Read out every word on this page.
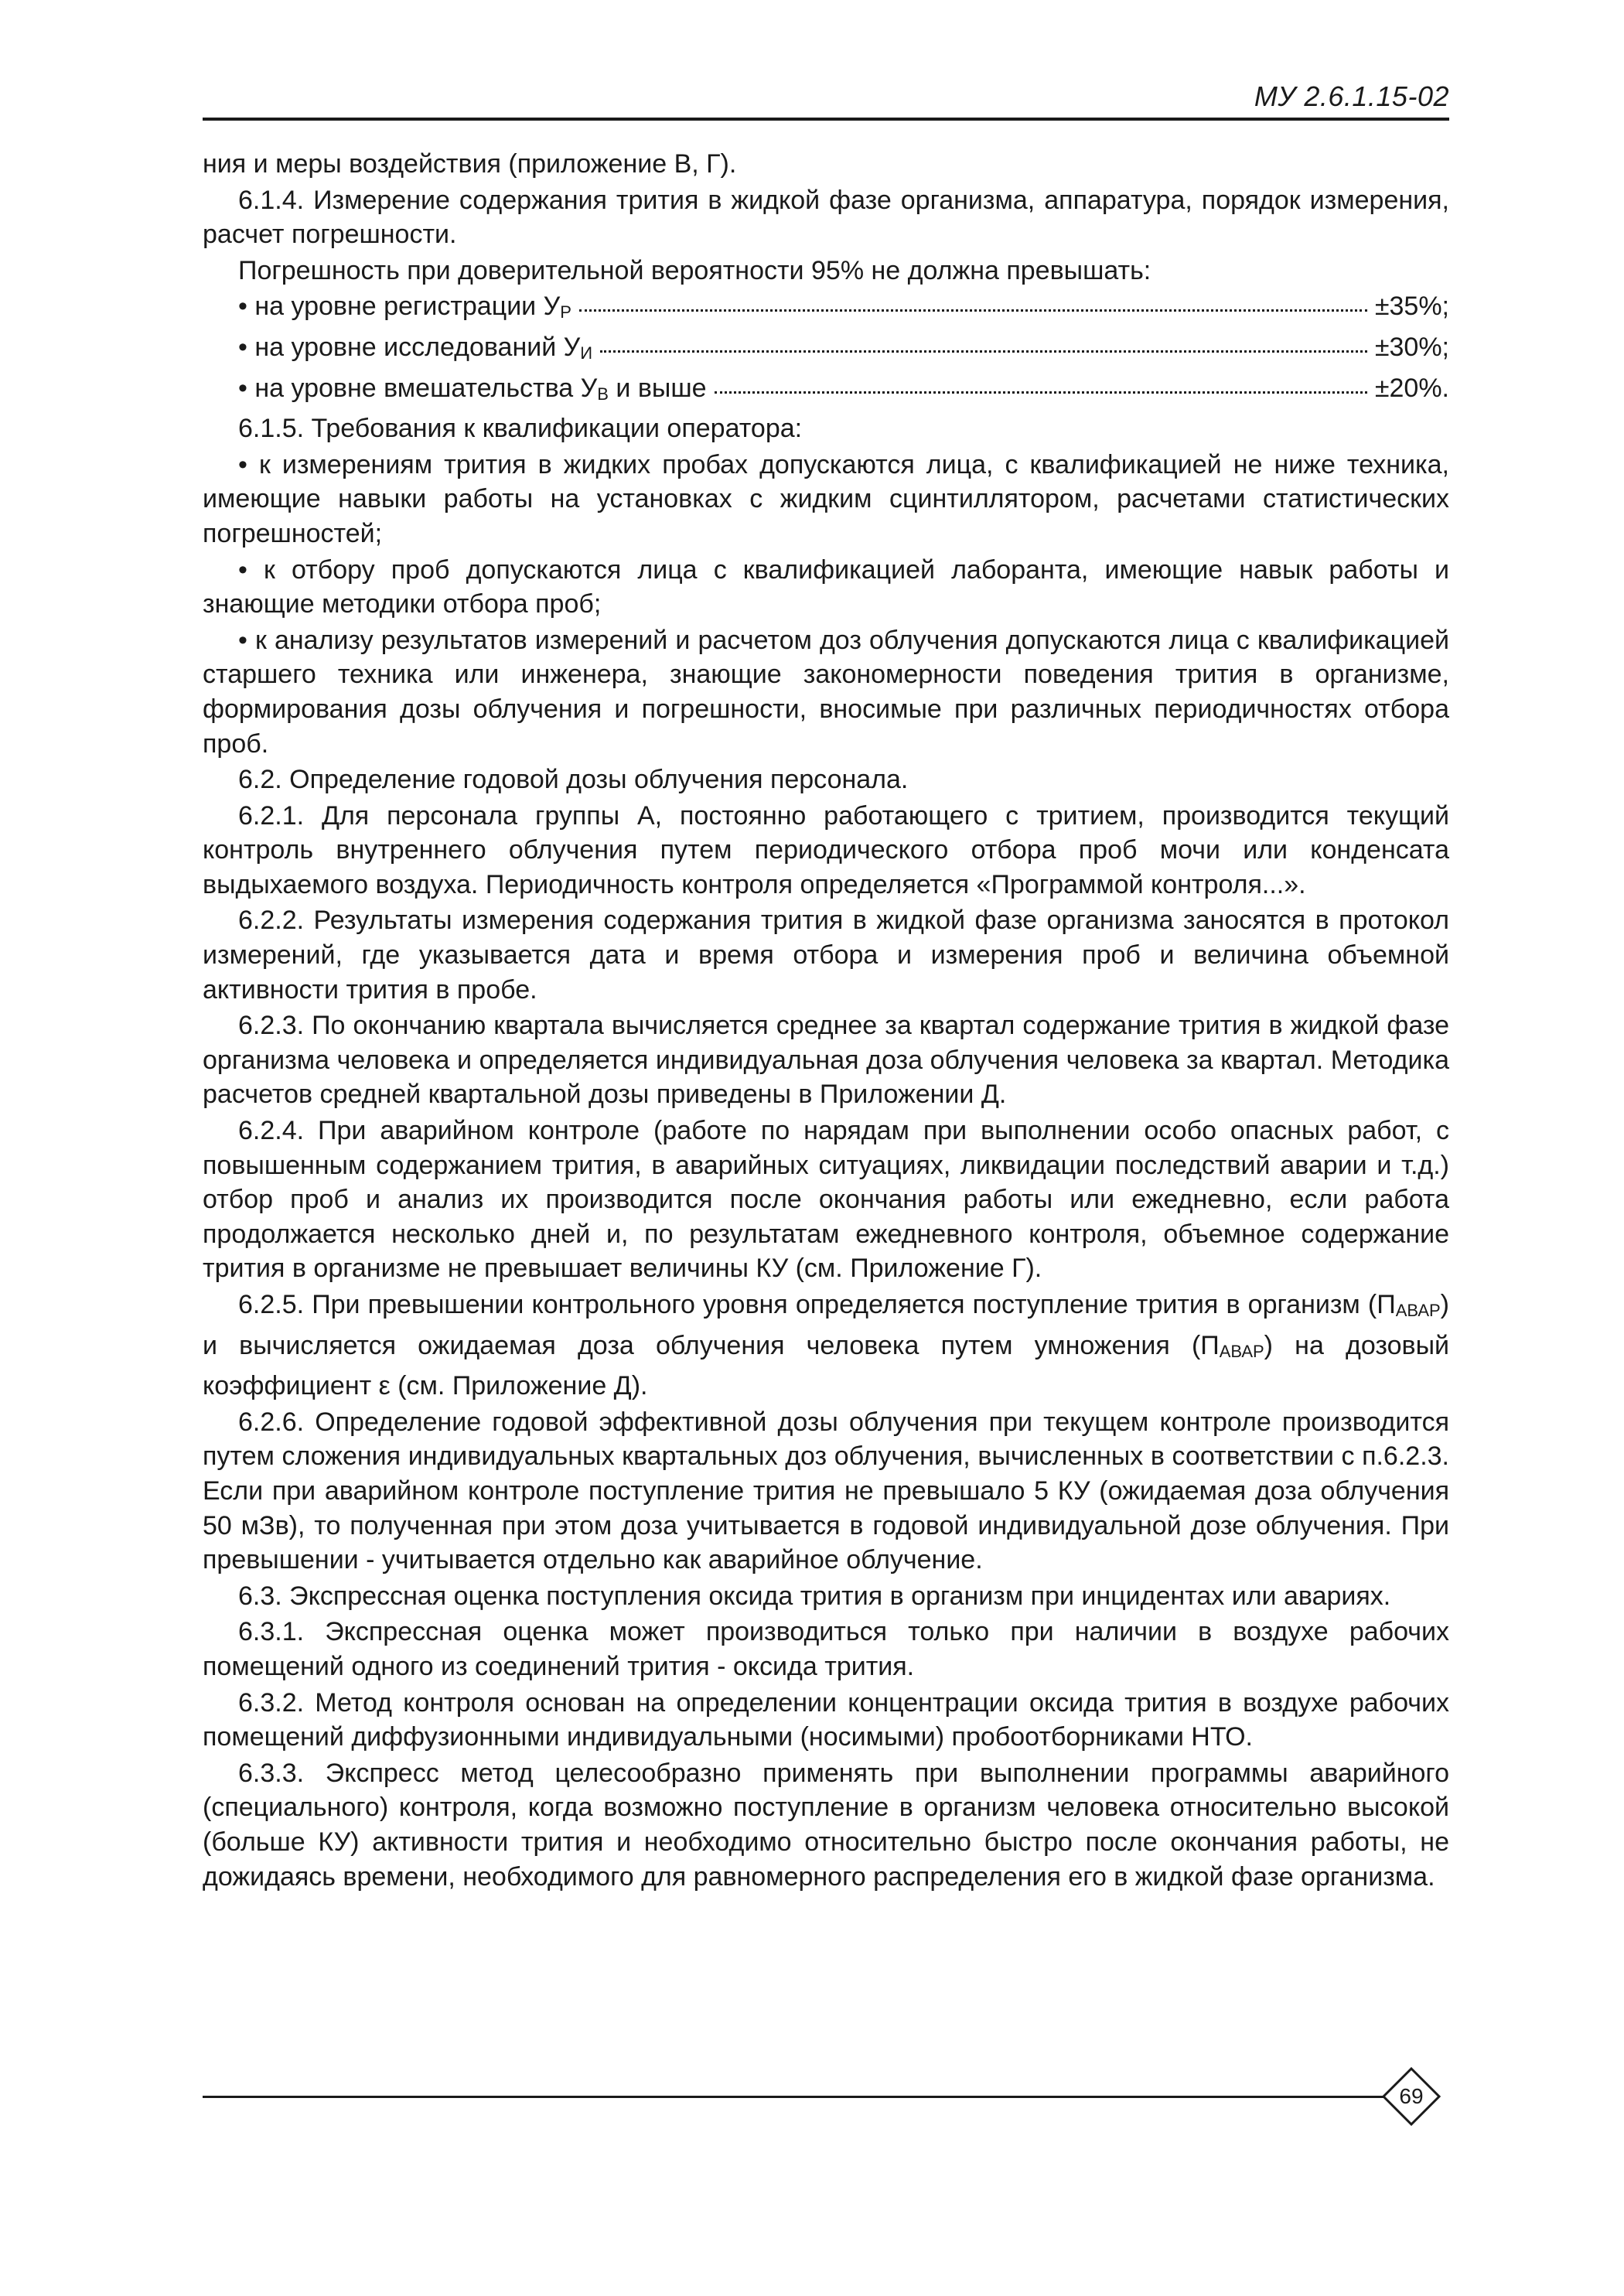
МУ 2.6.1.15-02

ния и меры воздействия (приложение В, Г).

6.1.4. Измерение содержания трития в жидкой фазе организма, аппаратура, порядок измерения, расчет погрешности.

Погрешность при доверительной вероятности 95% не должна превышать:

• на уровне регистрации $У_Р$	±35%;
• на уровне исследований $У_И$	±30%;
• на уровне вмешательства $У_В$ и выше	±20%.

6.1.5. Требования к квалификации оператора:

• к измерениям трития в жидких пробах допускаются лица, с квалификацией не ниже техника, имеющие навыки работы на установках с жидким сцинтиллятором, расчетами статистических погрешностей;

• к отбору проб допускаются лица с квалификацией лаборанта, имеющие навык работы и знающие методики отбора проб;

• к анализу результатов измерений и расчетом доз облучения допускаются лица с квалификацией старшего техника или инженера, знающие закономерности поведения трития в организме, формирования дозы облучения и погрешности, вносимые при различных периодичностях отбора проб.

6.2. Определение годовой дозы облучения персонала.

6.2.1. Для персонала группы А, постоянно работающего с тритием, производится текущий контроль внутреннего облучения путем периодического отбора проб мочи или конденсата выдыхаемого воздуха. Периодичность контроля определяется «Программой контроля...».

6.2.2. Результаты измерения содержания трития в жидкой фазе организма заносятся в протокол измерений, где указывается дата и время отбора и измерения проб и величина объемной активности трития в пробе.

6.2.3. По окончанию квартала вычисляется среднее за квартал содержание трития в жидкой фазе организма человека и определяется индивидуальная доза облучения человека за квартал. Методика расчетов средней квартальной дозы приведены в Приложении Д.

6.2.4. При аварийном контроле (работе по нарядам при выполнении особо опасных работ, с повышенным содержанием трития, в аварийных ситуациях, ликвидации последствий аварии и т.д.) отбор проб и анализ их производится после окончания работы или ежедневно, если работа продолжается несколько дней и, по результатам ежедневного контроля, объемное содержание трития в организме не превышает величины КУ (см. Приложение Г).

6.2.5. При превышении контрольного уровня определяется поступление трития в организм $(П_{АВАР})$ и вычисляется ожидаемая доза облучения человека путем умножения $(П_{АВАР})$ на дозовый коэффициент ε (см. Приложение Д).

6.2.6. Определение годовой эффективной дозы облучения при текущем контроле производится путем сложения индивидуальных квартальных доз облучения, вычисленных в соответствии с п.6.2.3. Если при аварийном контроле поступление трития не превышало 5 КУ (ожидаемая доза облучения 50 мЗв), то полученная при этом доза учитывается в годовой индивидуальной дозе облучения. При превышении - учитывается отдельно как аварийное облучение.

6.3. Экспрессная оценка поступления оксида трития в организм при инцидентах или авариях.

6.3.1. Экспрессная оценка может производиться только при наличии в воздухе рабочих помещений одного из соединений трития - оксида трития.

6.3.2. Метод контроля основан на определении концентрации оксида трития в воздухе рабочих помещений диффузионными индивидуальными (носимыми) пробоотборниками НТО.

6.3.3. Экспресс метод целесообразно применять при выполнении программы аварийного (специального) контроля, когда возможно поступление в организм человека относительно высокой (больше КУ) активности трития и необходимо относительно быстро после окончания работы, не дожидаясь времени, необходимого для равномерного распределения его в жидкой фазе организма.

69
